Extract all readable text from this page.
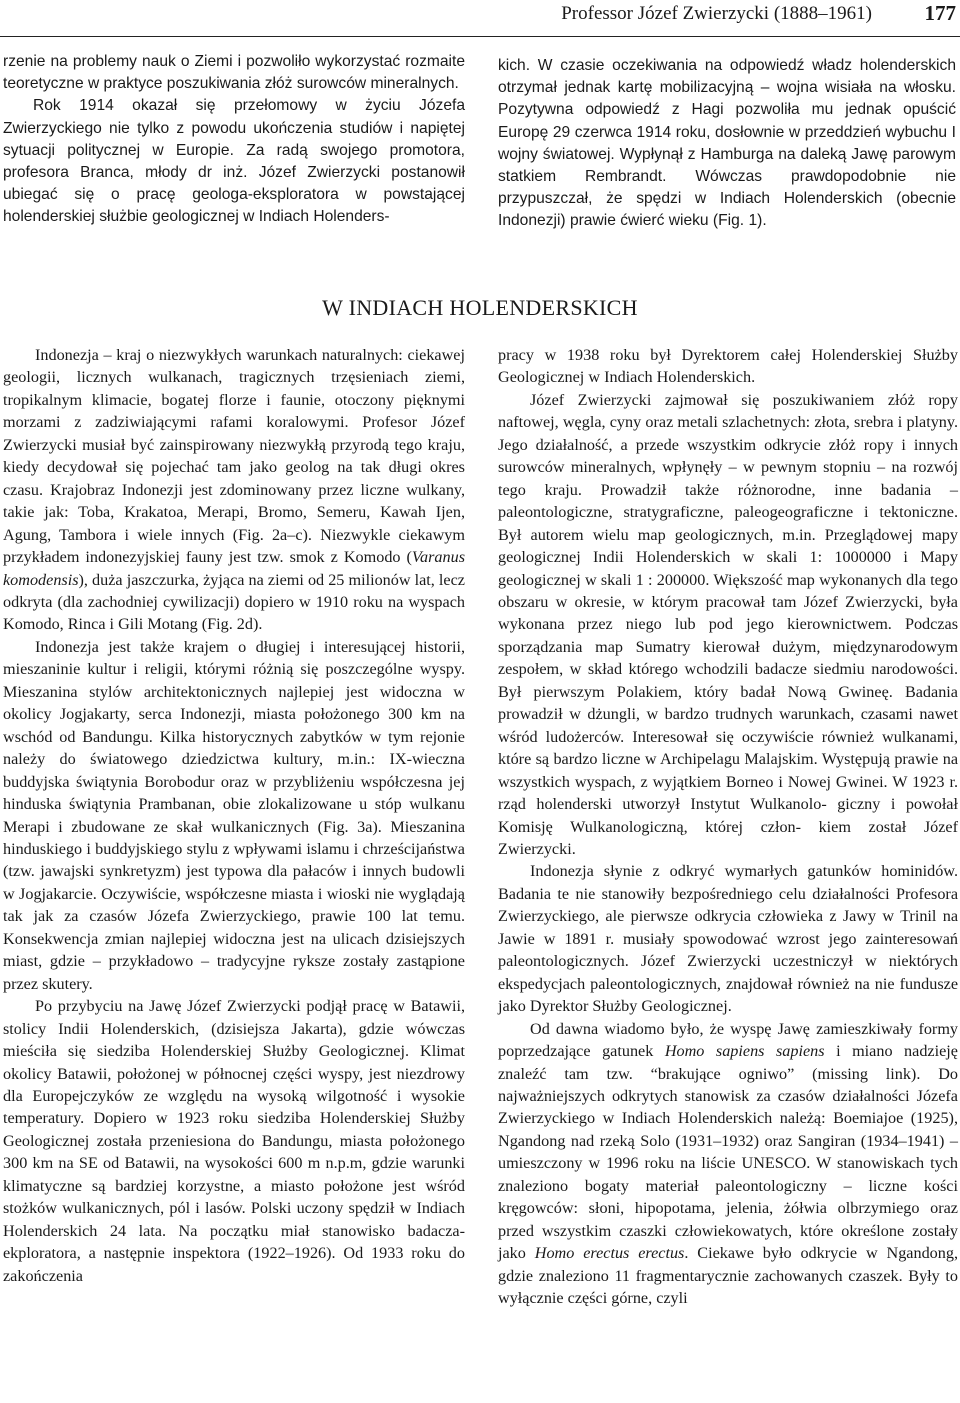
Professor Józef Zwierzycki (1888–1961)	177

rzenie na problemy nauk o Ziemi i pozwoliło wykorzystać rozmaite teoretyczne w praktyce poszukiwania złóż surowców mineralnych.

Rok 1914 okazał się przełomowy w życiu Józefa Zwierzyckiego nie tylko z powodu ukończenia studiów i napiętej sytuacji politycznej w Europie. Za radą swojego promotora, profesora Branca, młody dr inż. Józef Zwierzycki postanowił ubiegać się o pracę geologa-eksploratora w powstającej holenderskiej służbie geologicznej w Indiach Holenders-

kich. W czasie oczekiwania na odpowiedź władz holenderskich otrzymał jednak kartę mobilizacyjną – wojna wisiała na włosku. Pozytywna odpowiedź z Hagi pozwoliła mu jednak opuścić Europę 29 czerwca 1914 roku, dosłownie w przeddzień wybuchu I wojny światowej. Wypłynął z Hamburga na daleką Jawę parowym statkiem Rembrandt. Wówczas prawdopodobnie nie przypuszczał, że spędzi w Indiach Holenderskich (obecnie Indonezji) prawie ćwierć wieku (Fig. 1).

W INDIACH HOLENDERSKICH

Indonezja – kraj o niezwykłych warunkach naturalnych: ciekawej geologii, licznych wulkanach, tragicznych trzęsieniach ziemi, tropikalnym klimacie, bogatej florze i faunie, otoczony pięknymi morzami z zadziwiającymi rafami koralowymi. Profesor Józef Zwierzycki musiał być zainspirowany niezwykłą przyrodą tego kraju, kiedy decydował się pojechać tam jako geolog na tak długi okres czasu. Krajobraz Indonezji jest zdominowany przez liczne wulkany, takie jak: Toba, Krakatoa, Merapi, Bromo, Semeru, Kawah Ijen, Agung, Tambora i wiele innych (Fig. 2a–c). Niezwykle ciekawym przykładem indonezyjskiej fauny jest tzw. smok z Komodo (Varanus komodensis), duża jaszczurka, żyjąca na ziemi od 25 milionów lat, lecz odkryta (dla zachodniej cywilizacji) dopiero w 1910 roku na wyspach Komodo, Rinca i Gili Motang (Fig. 2d).

Indonezja jest także krajem o długiej i interesującej historii, mieszaninie kultur i religii, którymi różnią się poszczególne wyspy. Mieszanina stylów architektonicznych najlepiej jest widoczna w okolicy Jogjakarty, serca Indonezji, miasta położonego 300 km na wschód od Bandungu. Kilka historycznych zabytków w tym rejonie należy do światowego dziedzictwa kultury, m.in.: IX-wieczna buddyjska świątynia Borobodur oraz w przybliżeniu współczesna jej hinduska świątynia Prambanan, obie zlokalizowane u stóp wulkanu Merapi i zbudowane ze skał wulkanicznych (Fig. 3a). Mieszanina hinduskiego i buddyjskiego stylu z wpływami islamu i chrześcijaństwa (tzw. jawajski synkretyzm) jest typowa dla pałaców i innych budowli w Jogjakarcie. Oczywiście, współczesne miasta i wioski nie wyglądają tak jak za czasów Józefa Zwierzyckiego, prawie 100 lat temu. Konsekwencja zmian najlepiej widoczna jest na ulicach dzisiejszych miast, gdzie – przykładowo – tradycyjne ryksze zostały zastąpione przez skutery.

Po przybyciu na Jawę Józef Zwierzycki podjął pracę w Batawii, stolicy Indii Holenderskich, (dzisiejsza Jakarta), gdzie wówczas mieściła się siedziba Holenderskiej Służby Geologicznej. Klimat okolicy Batawii, położonej w północnej części wyspy, jest niezdrowy dla Europejczyków ze względu na wysoką wilgotność i wysokie temperatury. Dopiero w 1923 roku siedziba Holenderskiej Służby Geologicznej została przeniesiona do Bandungu, miasta położonego 300 km na SE od Batawii, na wysokości 600 m n.p.m, gdzie warunki klimatyczne są bardziej korzystne, a miasto położone jest wśród stożków wulkanicznych, pól i lasów. Polski uczony spędził w Indiach Holenderskich 24 lata. Na początku miał stanowisko badacza-ekploratora, a następnie inspektora (1922–1926). Od 1933 roku do zakończenia

pracy w 1938 roku był Dyrektorem całej Holenderskiej Służby Geologicznej w Indiach Holenderskich.

Józef Zwierzycki zajmował się poszukiwaniem złóż ropy naftowej, węgla, cyny oraz metali szlachetnych: złota, srebra i platyny. Jego działalność, a przede wszystkim odkrycie złóż ropy i innych surowców mineralnych, wpłynęły – w pewnym stopniu – na rozwój tego kraju. Prowadził także różnorodne, inne badania – paleontologiczne, stratygraficzne, paleogeograficzne i tektoniczne. Był autorem wielu map geologicznych, m.in. Przeglądowej mapy geologicznej Indii Holenderskich w skali 1: 1000000 i Mapy geologicznej w skali 1 : 200000. Większość map wykonanych dla tego obszaru w okresie, w którym pracował tam Józef Zwierzycki, była wykonana przez niego lub pod jego kierownictwem. Podczas sporządzania map Sumatry kierował dużym, międzynarodowym zespołem, w skład którego wchodzili badacze siedmiu narodowości. Był pierwszym Polakiem, który badał Nową Gwineę. Badania prowadził w dżungli, w bardzo trudnych warunkach, czasami nawet wśród ludożerców. Interesował się oczywiście również wulkanami, które są bardzo liczne w Archipelagu Malajskim. Występują prawie na wszystkich wyspach, z wyjątkiem Borneo i Nowej Gwinei. W 1923 r. rząd holenderski utworzył Instytut Wulkanolo- giczny i powołał Komisję Wulkanologiczną, której człon- kiem został Józef Zwierzycki.

Indonezja słynie z odkryć wymarłych gatunków hominidów. Badania te nie stanowiły bezpośredniego celu działalności Profesora Zwierzyckiego, ale pierwsze odkrycia człowieka z Jawy w Trinil na Jawie w 1891 r. musiały spowodować wzrost jego zainteresowań paleontologicznych. Józef Zwierzycki uczestniczył w niektórych ekspedycjach paleontologicznych, znajdował również na nie fundusze jako Dyrektor Służby Geologicznej.

Od dawna wiadomo było, że wyspę Jawę zamieszkiwały formy poprzedzające gatunek Homo sapiens sapiens i miano nadzieję znaleźć tam tzw. “brakujące ogniwo” (missing link). Do najważniejszych odkrytych stanowisk za czasów działalności Józefa Zwierzyckiego w Indiach Holenderskich należą: Boemiajoe (1925), Ngandong nad rzeką Solo (1931–1932) oraz Sangiran (1934–1941) – umieszczony w 1996 roku na liście UNESCO. W stanowiskach tych znaleziono bogaty materiał paleontologiczny – liczne kości kręgowców: słoni, hipopotama, jelenia, żółwia olbrzymiego oraz przed wszystkim czaszki człowiekowatych, które określone zostały jako Homo erectus erectus. Ciekawe było odkrycie w Ngandong, gdzie znaleziono 11 fragmentarycznie zachowanych czaszek. Były to wyłącznie części górne, czyli
